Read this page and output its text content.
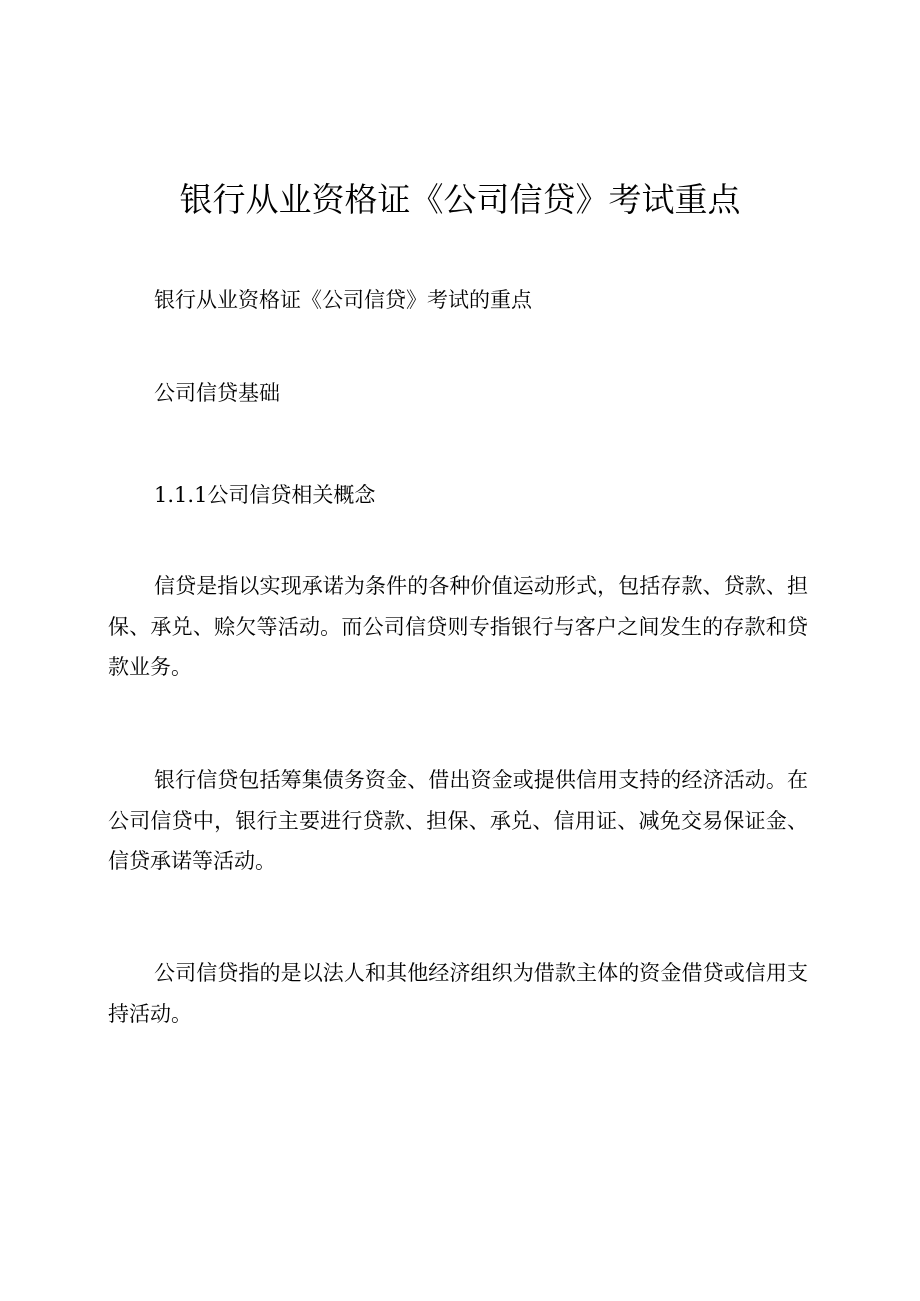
银行从业资格证《公司信贷》考试重点

银行从业资格证《公司信贷》考试的重点

公司信贷基础

1.1.1公司信贷相关概念

信贷是指以实现承诺为条件的各种价值运动形式，包括存款、贷款、担保、承兑、赊欠等活动。而公司信贷则专指银行与客户之间发生的存款和贷款业务。

银行信贷包括筹集债务资金、借出资金或提供信用支持的经济活动。在公司信贷中，银行主要进行贷款、担保、承兑、信用证、减免交易保证金、信贷承诺等活动。

公司信贷指的是以法人和其他经济组织为借款主体的资金借贷或信用支持活动。
